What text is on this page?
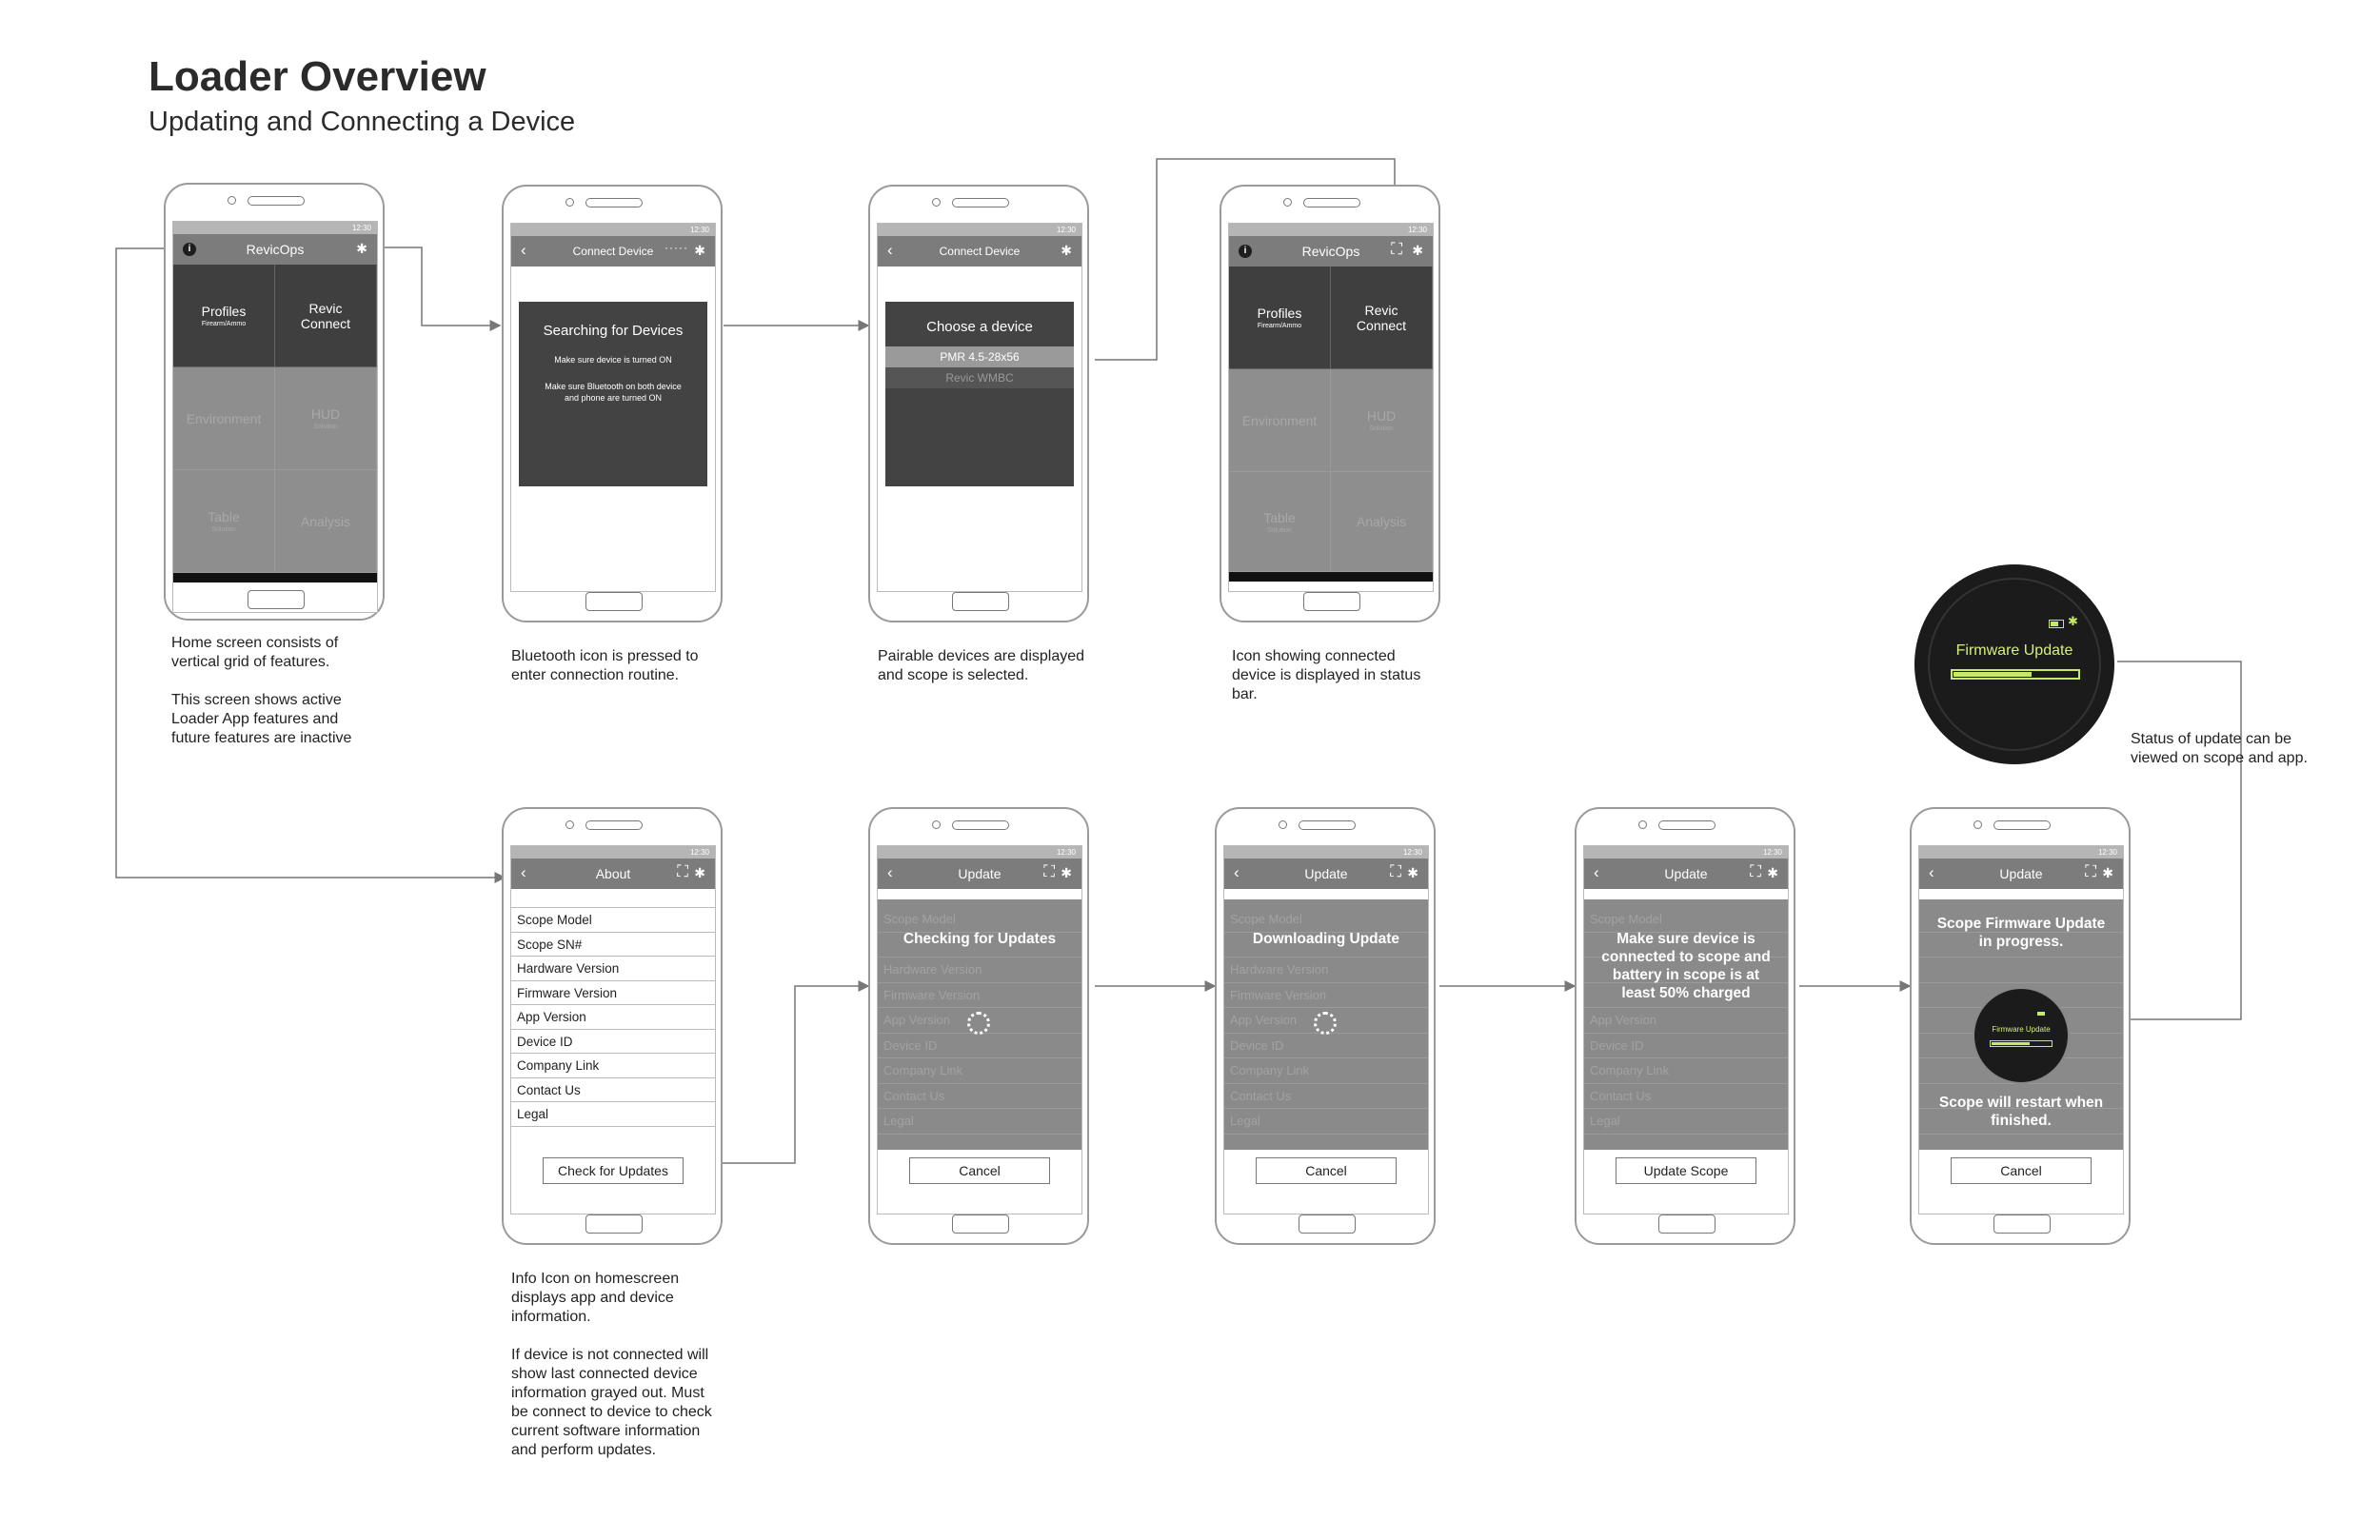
Loader Overview
Updating and Connecting a Device
12:30
i	RevicOps	✱
Profiles
Firearm/Ammo
Revic
Connect
Environment	HUD
Solution
Table
Solution
Analysis
12:30
‹	Connect Device ····· ✱
Searching for Devices
Make sure device is turned ON
Make sure Bluetooth on both device and phone are turned ON
12:30
‹	Connect Device	✱
Choose a device
PMR 4.5-28x56
Revic WMBC
12:30
i	RevicOps	⛶ ✱
Profiles
Firearm/Ammo
Revic
Connect
Environment	HUD
Solution
Table
Solution
Analysis
12:30
‹	About	⛶ ✱
Scope Model
Scope SN#
Hardware Version
Firmware Version
App Version
Device ID
Company Link
Contact Us
Legal
Check for Updates
12:30
‹	Update	⛶ ✱
Scope Model
Hardware Version
Firmware Version
App Version
Device ID
Company Link
Contact Us
Legal
Checking for Updates
Cancel
12:30
‹	Update	⛶ ✱
Scope Model
Hardware Version
Firmware Version
App Version
Device ID
Company Link
Contact Us
Legal
Downloading Update
Cancel
12:30
‹	Update	⛶ ✱
Scope Model
App Version
Device ID
Company Link
Contact Us
Legal
Make sure device is connected to scope and battery in scope is at least 50% charged
Update Scope
12:30
‹	Update	⛶ ✱
Scope Firmware Update in progress.
Firmware Update
Scope will restart when finished.
Cancel
✱
Firmware Update
Home screen consists of
vertical grid of features.

This screen shows active
Loader App features and
future features are inactive
Bluetooth icon is pressed to
enter connection routine.
Pairable devices are displayed
and scope is selected.
Icon showing connected
device is displayed in status
bar.
Info Icon on homescreen
displays app and device
information.

If device is not connected will
show last connected device
information grayed out. Must
be connect to device to check
current software information
and perform updates.
Status of update can be
viewed on scope and app.
